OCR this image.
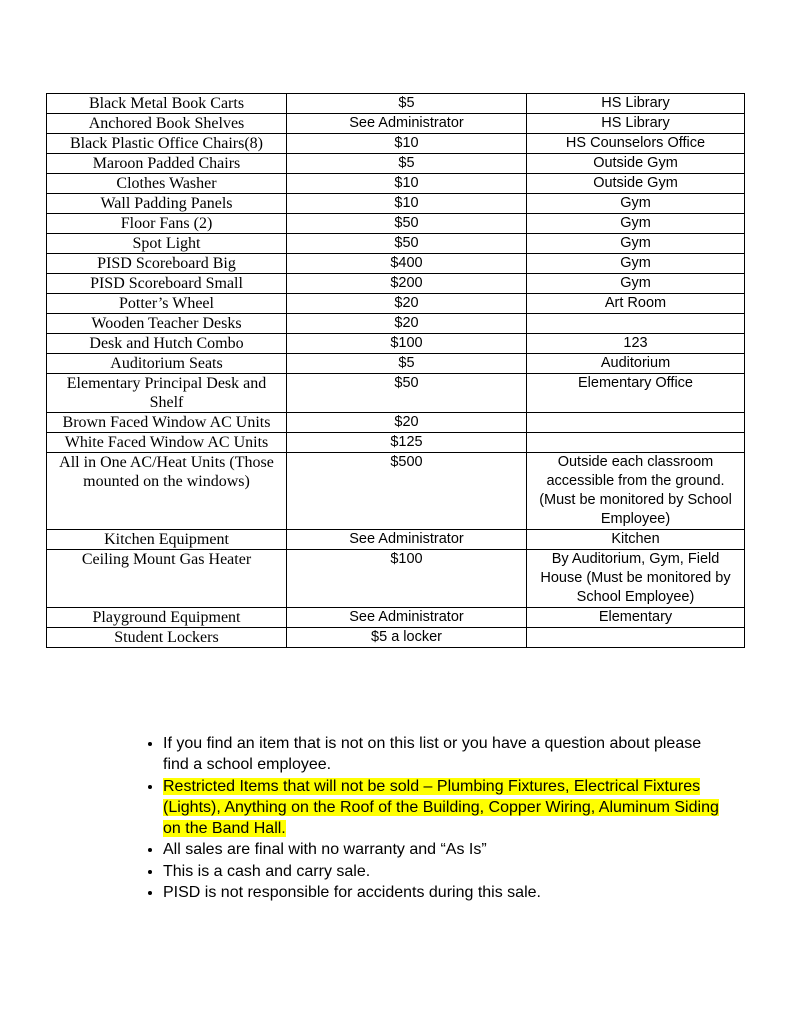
Black Metal Book Carts	$5	HS Library
Anchored Book Shelves	See Administrator	HS Library
Black Plastic Office Chairs(8)	$10	HS Counselors Office
Maroon Padded Chairs	$5	Outside Gym
Clothes Washer	$10	Outside Gym
Wall Padding Panels	$10	Gym
Floor Fans (2)	$50	Gym
Spot Light	$50	Gym
PISD Scoreboard Big	$400	Gym
PISD Scoreboard Small	$200	Gym
Potter’s Wheel	$20	Art Room
Wooden Teacher Desks	$20	
Desk and Hutch Combo	$100	123
Auditorium Seats	$5	Auditorium
Elementary Principal Desk and Shelf	$50	Elementary Office
Brown Faced Window AC Units	$20	
White Faced Window AC Units	$125	
All in One AC/Heat Units (Those mounted on the windows)	$500	Outside each classroom accessible from the ground. (Must be monitored by School Employee)
Kitchen Equipment	See Administrator	Kitchen
Ceiling Mount Gas Heater	$100	By Auditorium, Gym, Field House (Must be monitored by School Employee)
Playground Equipment	See Administrator	Elementary
Student Lockers	$5 a locker	
• If you find an item that is not on this list or you have a question about please find a school employee.
• Restricted Items that will not be sold – Plumbing Fixtures, Electrical Fixtures (Lights), Anything on the Roof of the Building, Copper Wiring, Aluminum Siding on the Band Hall.
• All sales are final with no warranty and “As Is”
• This is a cash and carry sale.
• PISD is not responsible for accidents during this sale.
